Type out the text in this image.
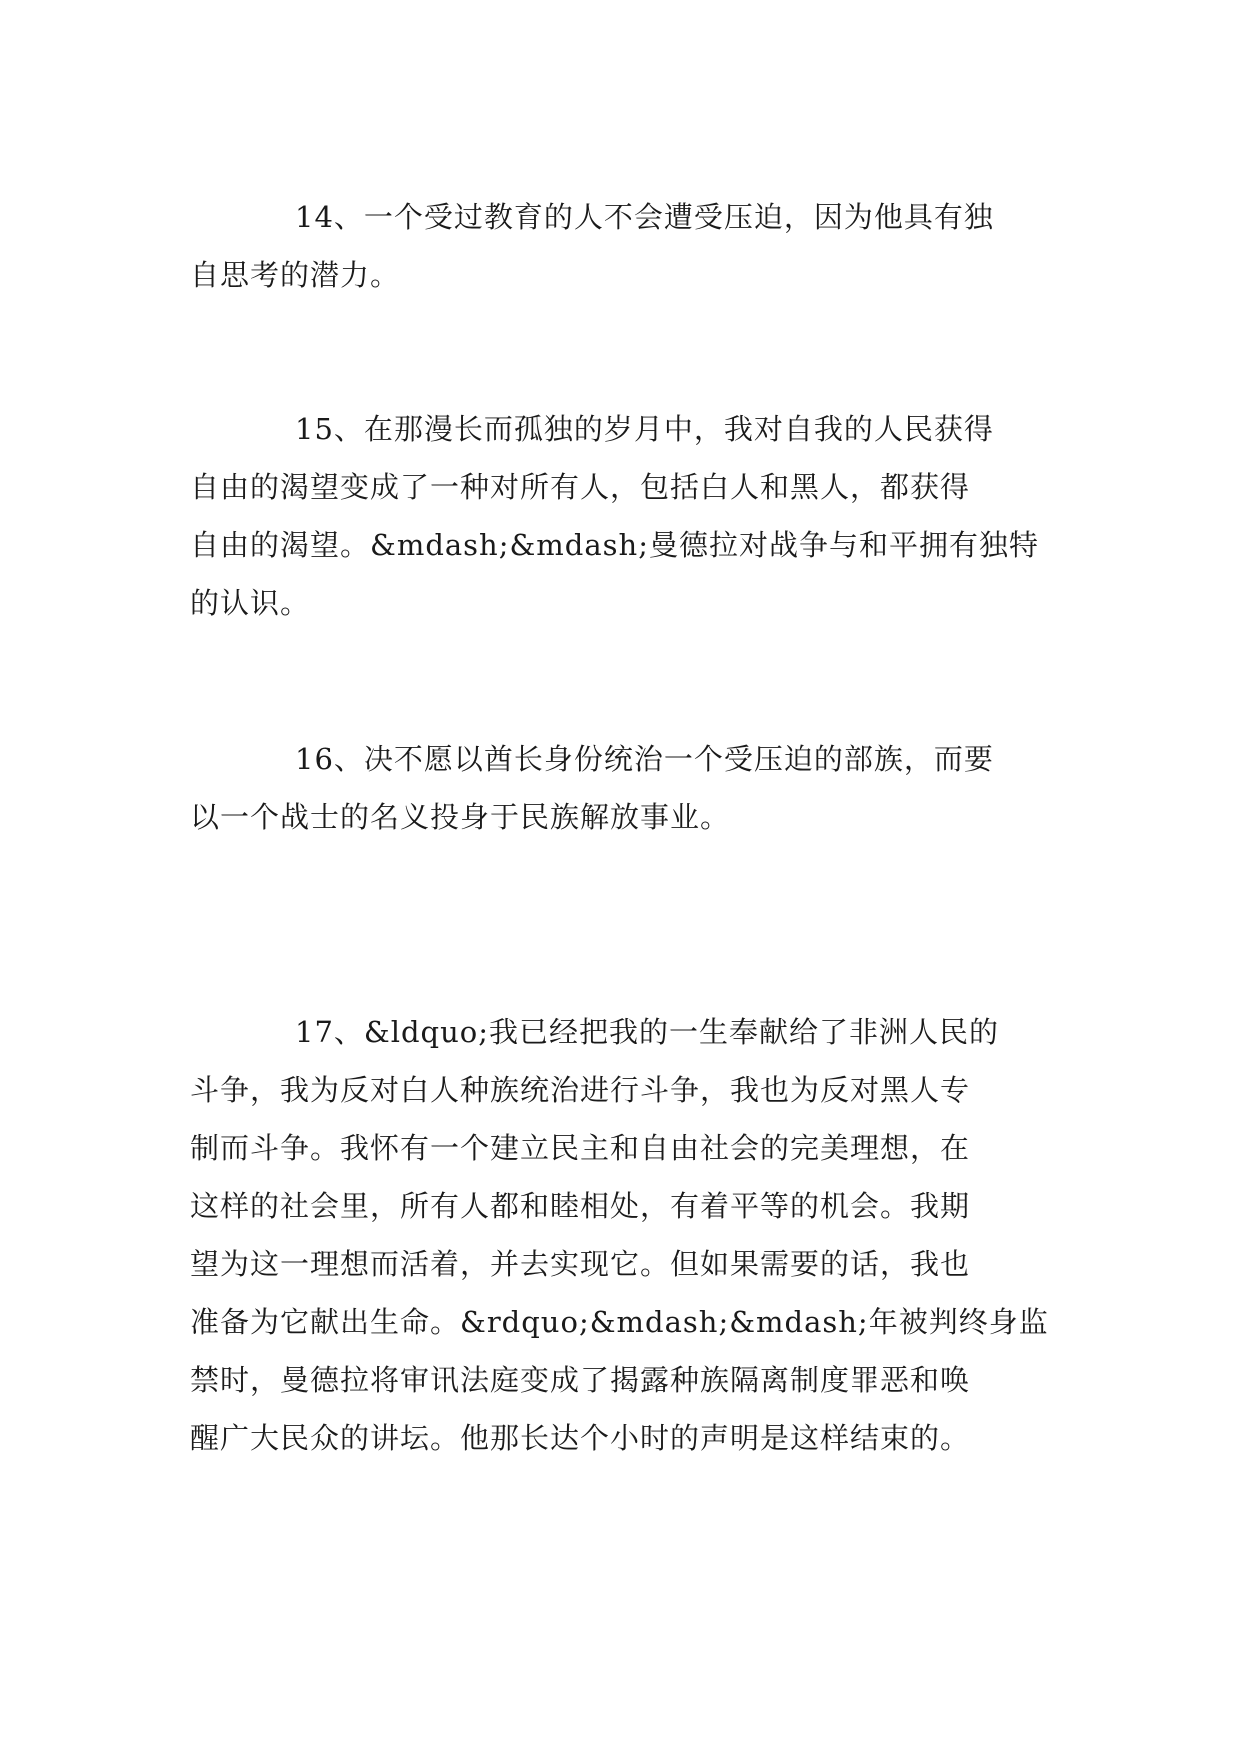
14、一个受过教育的人不会遭受压迫，因为他具有独
自思考的潜力。
15、在那漫长而孤独的岁月中，我对自我的人民获得
自由的渴望变成了一种对所有人，包括白人和黑人，都获得
自由的渴望。&mdash;&mdash;曼德拉对战争与和平拥有独特
的认识。
16、决不愿以酋长身份统治一个受压迫的部族，而要
以一个战士的名义投身于民族解放事业。
17、&ldquo;我已经把我的一生奉献给了非洲人民的
斗争，我为反对白人种族统治进行斗争，我也为反对黑人专
制而斗争。我怀有一个建立民主和自由社会的完美理想，在
这样的社会里，所有人都和睦相处，有着平等的机会。我期
望为这一理想而活着，并去实现它。但如果需要的话，我也
准备为它献出生命。&rdquo;&mdash;&mdash;年被判终身监
禁时，曼德拉将审讯法庭变成了揭露种族隔离制度罪恶和唤
醒广大民众的讲坛。他那长达个小时的声明是这样结束的。
